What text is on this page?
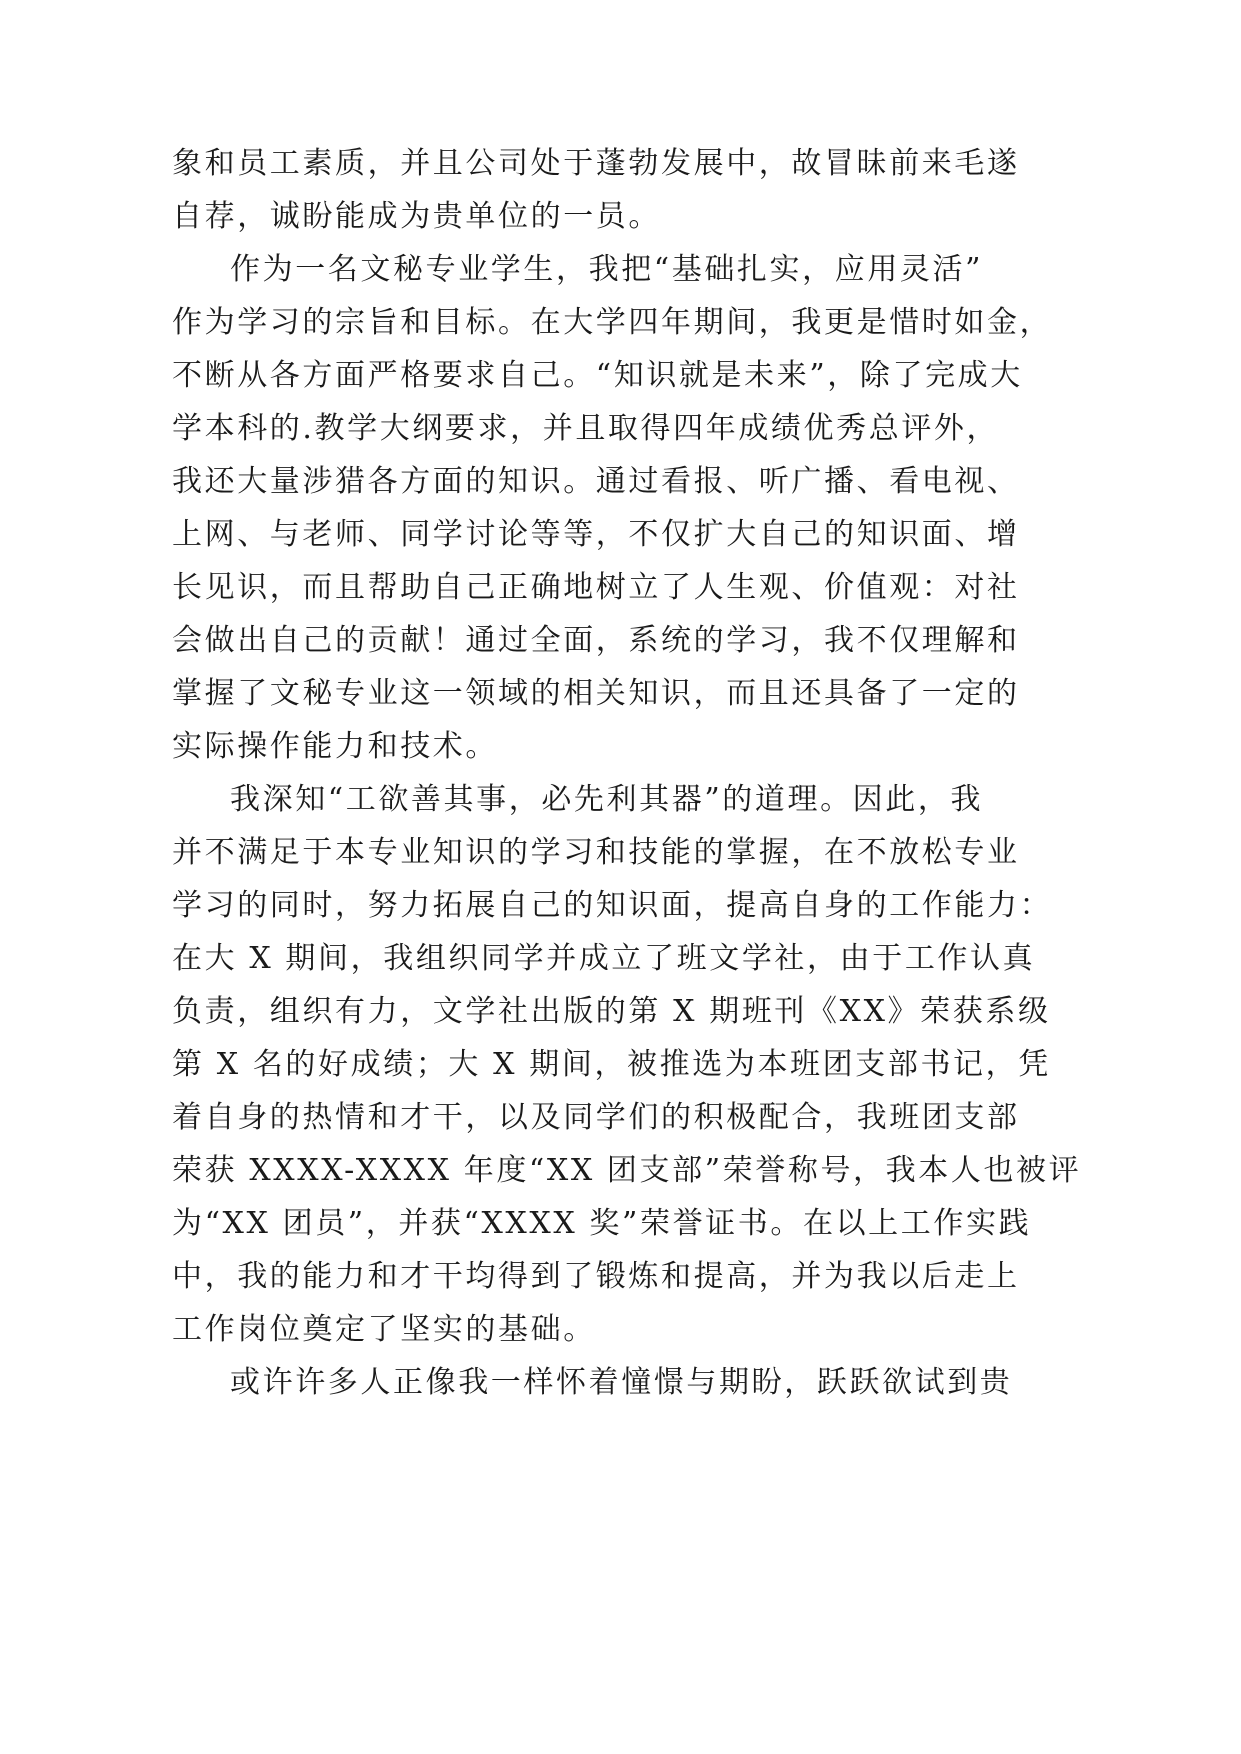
象和员工素质，并且公司处于蓬勃发展中，故冒昧前来毛遂
自荐，诚盼能成为贵单位的一员。
作为一名文秘专业学生，我把“基础扎实，应用灵活”
作为学习的宗旨和目标。在大学四年期间，我更是惜时如金，
不断从各方面严格要求自己。“知识就是未来”，除了完成大
学本科的.教学大纲要求，并且取得四年成绩优秀总评外，
我还大量涉猎各方面的知识。通过看报、听广播、看电视、
上网、与老师、同学讨论等等，不仅扩大自己的知识面、增
长见识，而且帮助自己正确地树立了人生观、价值观：对社
会做出自己的贡献！通过全面，系统的学习，我不仅理解和
掌握了文秘专业这一领域的相关知识，而且还具备了一定的
实际操作能力和技术。
我深知“工欲善其事，必先利其器”的道理。因此，我
并不满足于本专业知识的学习和技能的掌握，在不放松专业
学习的同时，努力拓展自己的知识面，提高自身的工作能力：
在大 X 期间，我组织同学并成立了班文学社，由于工作认真
负责，组织有力，文学社出版的第 X 期班刊《XX》荣获系级
第 X 名的好成绩；大 X 期间，被推选为本班团支部书记，凭
着自身的热情和才干，以及同学们的积极配合，我班团支部
荣获 XXXX-XXXX 年度“XX 团支部”荣誉称号，我本人也被评
为“XX 团员”，并获“XXXX 奖”荣誉证书。在以上工作实践
中，我的能力和才干均得到了锻炼和提高，并为我以后走上
工作岗位奠定了坚实的基础。
或许许多人正像我一样怀着憧憬与期盼，跃跃欲试到贵
